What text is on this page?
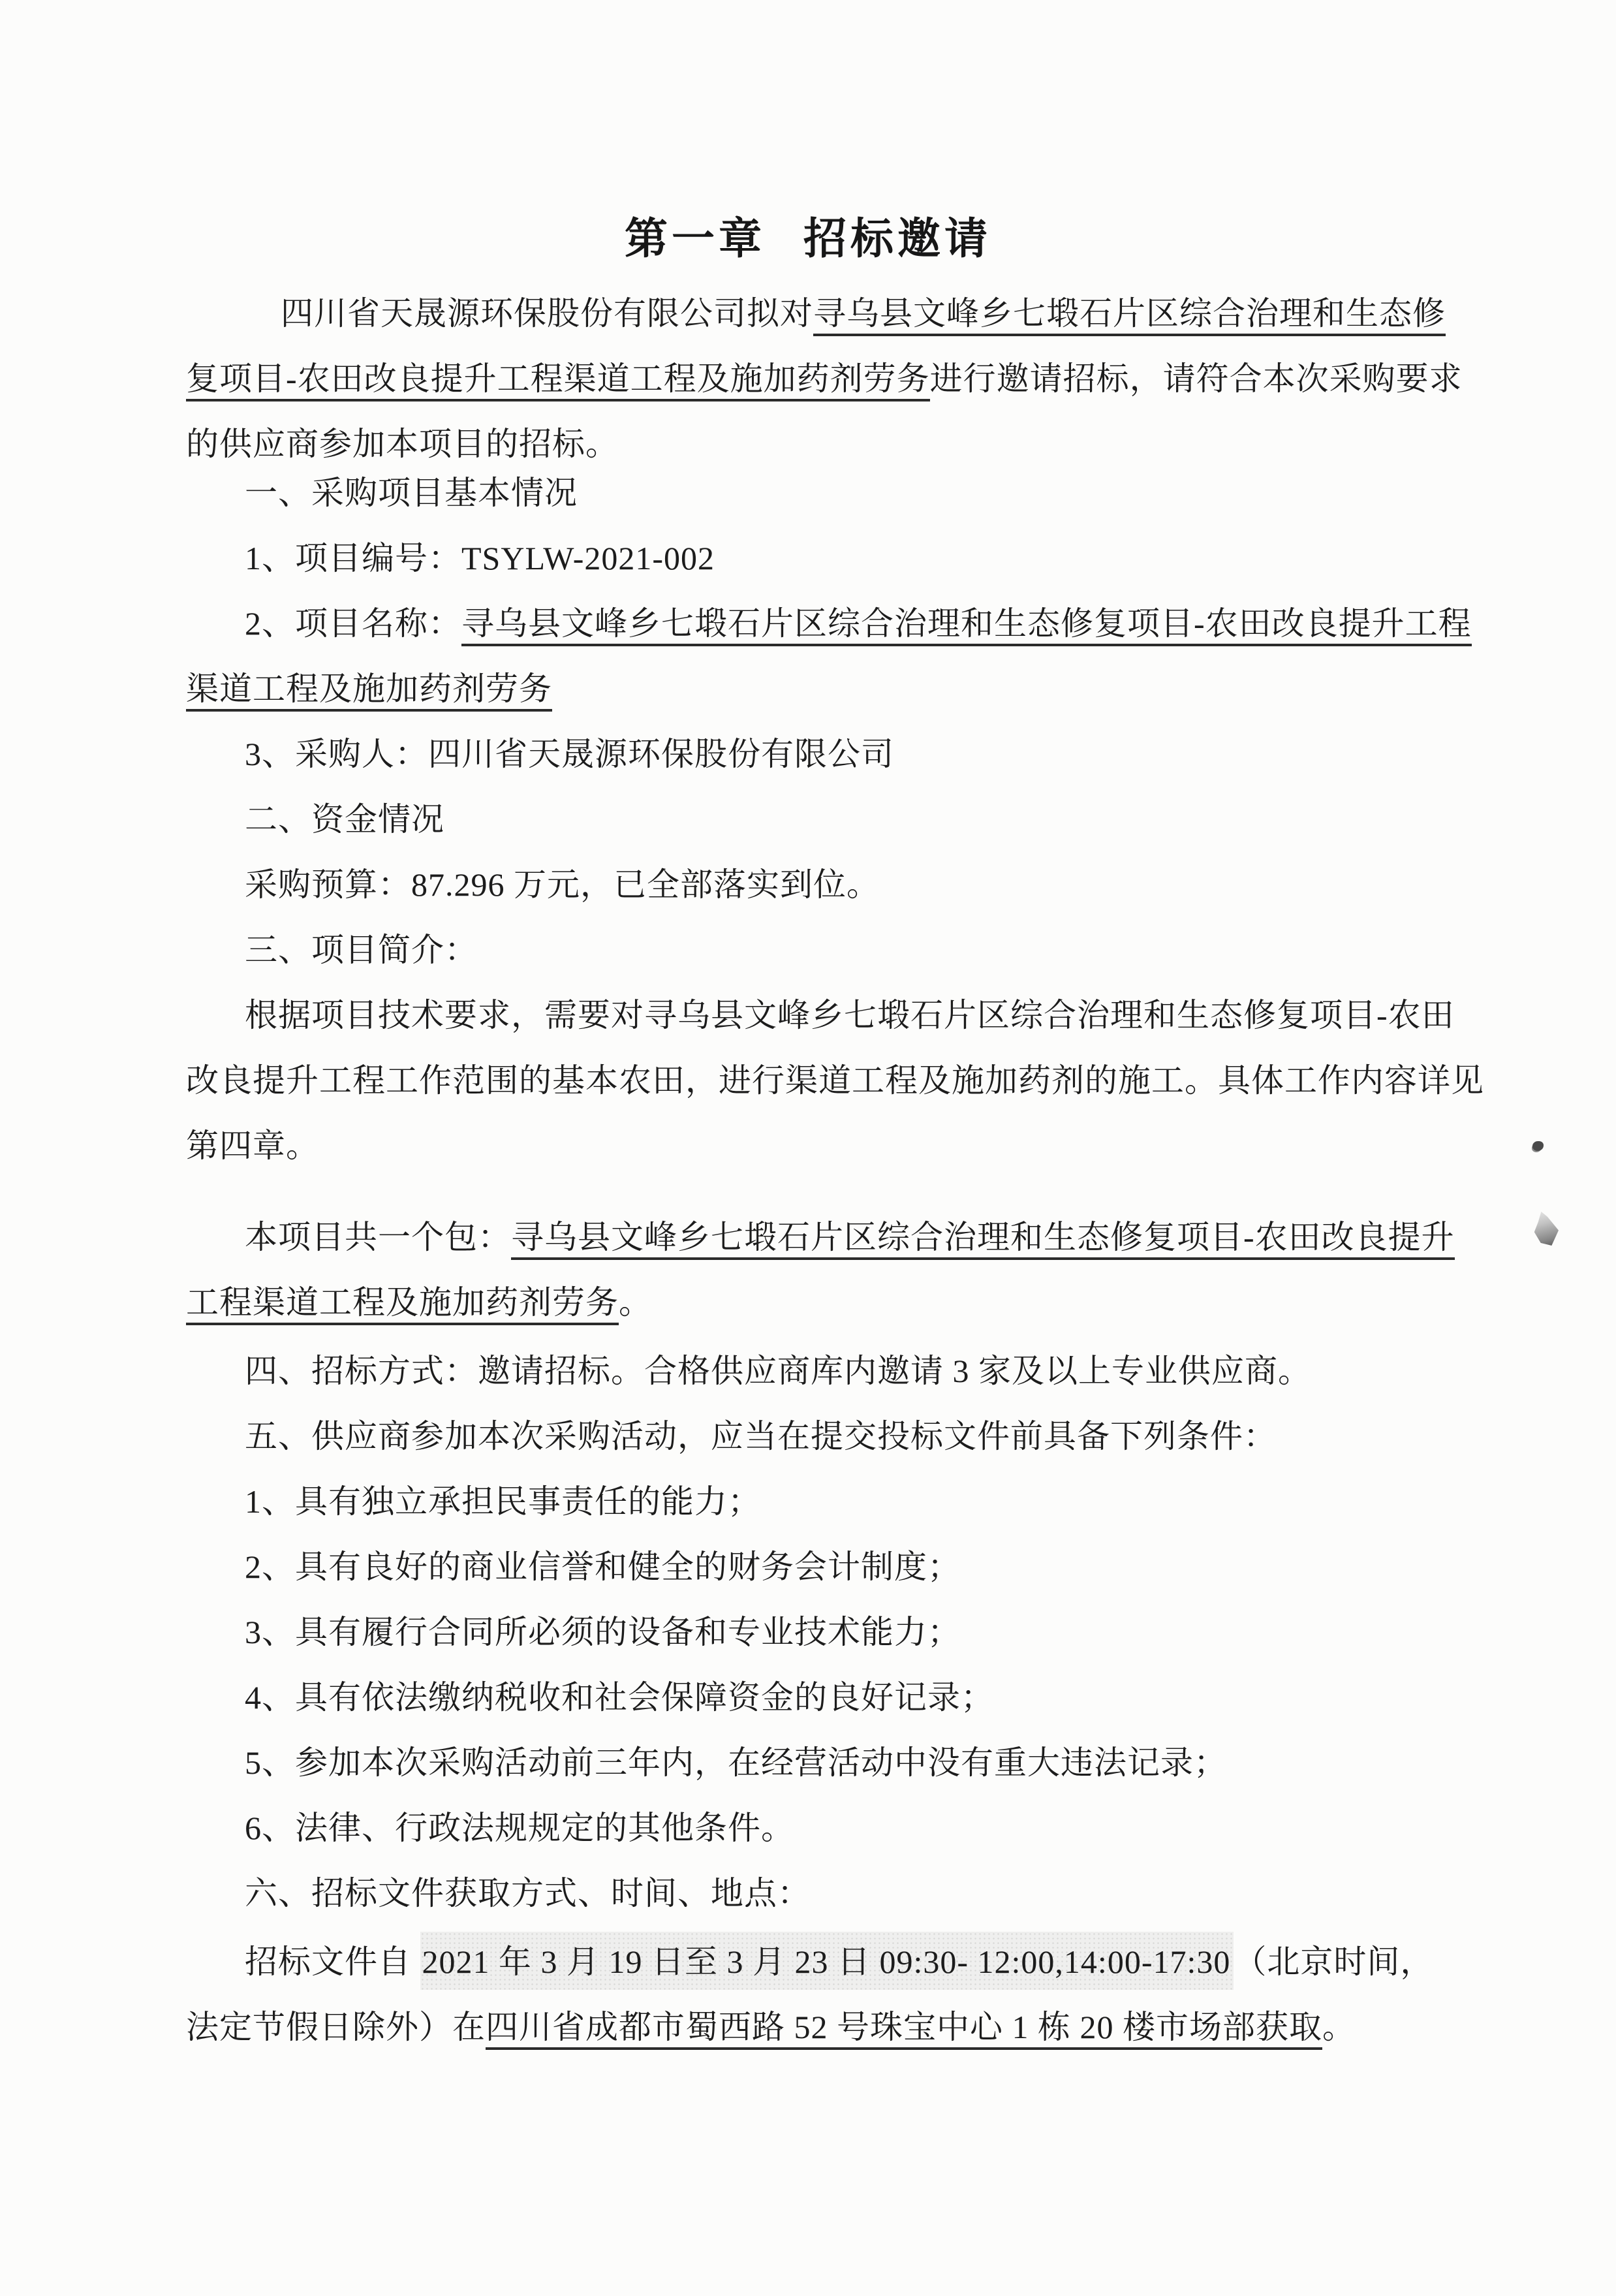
第一章 招标邀请
四川省天晟源环保股份有限公司拟对寻乌县文峰乡七塅石片区综合治理和生态修
复项目-农田改良提升工程渠道工程及施加药剂劳务进行邀请招标，请符合本次采购要求
的供应商参加本项目的招标。
一、采购项目基本情况
1、项目编号：TSYLW-2021-002
2、项目名称：寻乌县文峰乡七塅石片区综合治理和生态修复项目-农田改良提升工程
渠道工程及施加药剂劳务
3、采购人：四川省天晟源环保股份有限公司
二、资金情况
采购预算：87.296 万元，已全部落实到位。
三、项目简介：
根据项目技术要求，需要对寻乌县文峰乡七塅石片区综合治理和生态修复项目-农田
改良提升工程工作范围的基本农田，进行渠道工程及施加药剂的施工。具体工作内容详见
第四章。
本项目共一个包：寻乌县文峰乡七塅石片区综合治理和生态修复项目-农田改良提升
工程渠道工程及施加药剂劳务。
四、招标方式：邀请招标。合格供应商库内邀请 3 家及以上专业供应商。
五、供应商参加本次采购活动，应当在提交投标文件前具备下列条件：
1、具有独立承担民事责任的能力；
2、具有良好的商业信誉和健全的财务会计制度；
3、具有履行合同所必须的设备和专业技术能力；
4、具有依法缴纳税收和社会保障资金的良好记录；
5、参加本次采购活动前三年内，在经营活动中没有重大违法记录；
6、法律、行政法规规定的其他条件。
六、招标文件获取方式、时间、地点：
招标文件自 2021 年 3 月 19 日至 3 月 23 日 09:30- 12:00,14:00-17:30 （北京时间，
法定节假日除外）在四川省成都市蜀西路 52 号珠宝中心 1 栋 20 楼市场部获取。
